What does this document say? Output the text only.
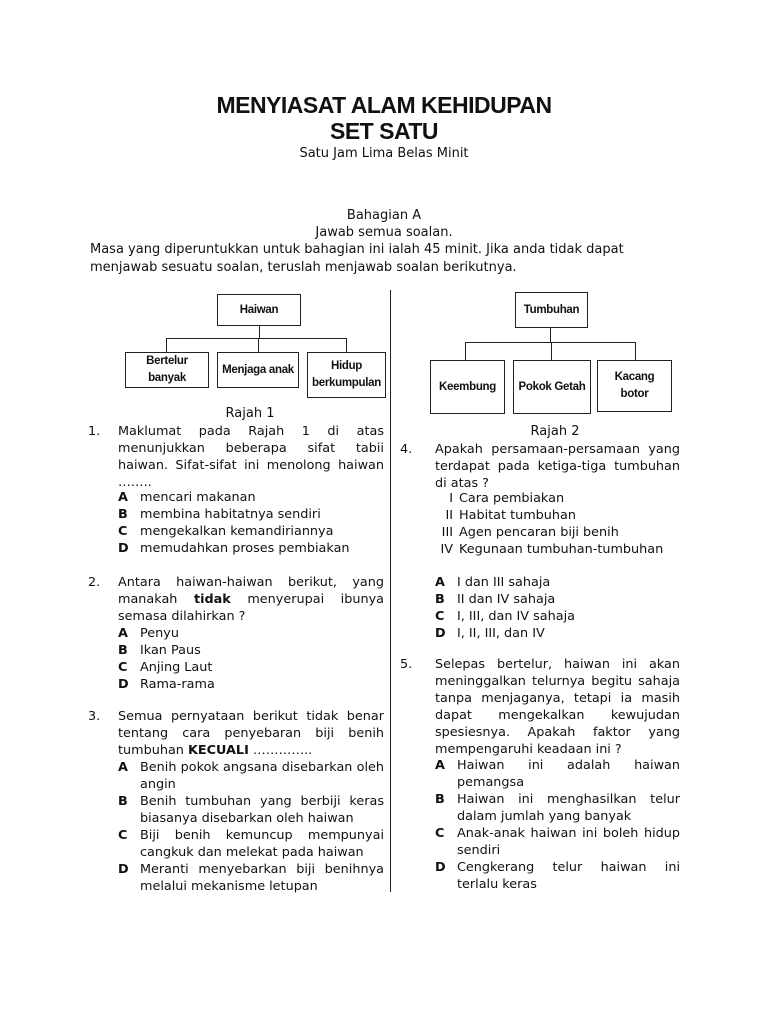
MENYIASAT ALAM KEHIDUPAN
SET SATU
Satu Jam Lima Belas Minit
Bahagian A
Jawab semua soalan.
Masa yang diperuntukkan untuk bahagian ini ialah 45 minit. Jika anda tidak dapat menjawab sesuatu soalan, teruslah menjawab soalan berikutnya.
Haiwan
Bertelur banyak
Menjaga anak	Hidup berkumpulan
Rajah 1
Tumbuhan
Keembung	Pokok Getah
Kacang botor
Rajah 2
1. Maklumat pada Rajah 1 di atas menunjukkan beberapa sifat tabii haiwan. Sifat-sifat ini menolong haiwan ……..
A mencari makanan
B membina habitatnya sendiri
C mengekalkan kemandiriannya
D memudahkan proses pembiakan
2. Antara haiwan-haiwan berikut, yang manakah tidak menyerupai ibunya semasa dilahirkan ?
A Penyu
B Ikan Paus
C Anjing Laut
D Rama-rama
3. Semua pernyataan berikut tidak benar tentang cara penyebaran biji benih tumbuhan KECUALI …………..
A Benih pokok angsana disebarkan oleh angin
B Benih tumbuhan yang berbiji keras biasanya disebarkan oleh haiwan
C Biji benih kemuncup mempunyai cangkuk dan melekat pada haiwan
D Meranti menyebarkan biji benihnya melalui mekanisme letupan
4. Apakah persamaan-persamaan yang terdapat pada ketiga-tiga tumbuhan di atas ?
I Cara pembiakan
II Habitat tumbuhan
III Agen pencaran biji benih
IV Kegunaan tumbuhan-tumbuhan
A I dan III sahaja
B II dan IV sahaja
C I, III, dan IV sahaja
D I, II, III, dan IV
5. Selepas bertelur, haiwan ini akan meninggalkan telurnya begitu sahaja tanpa menjaganya, tetapi ia masih dapat mengekalkan kewujudan spesiesnya. Apakah faktor yang mempengaruhi keadaan ini ?
A Haiwan ini adalah haiwan pemangsa
B Haiwan ini menghasilkan telur dalam jumlah yang banyak
C Anak-anak haiwan ini boleh hidup sendiri
D Cengkerang telur haiwan ini terlalu keras
